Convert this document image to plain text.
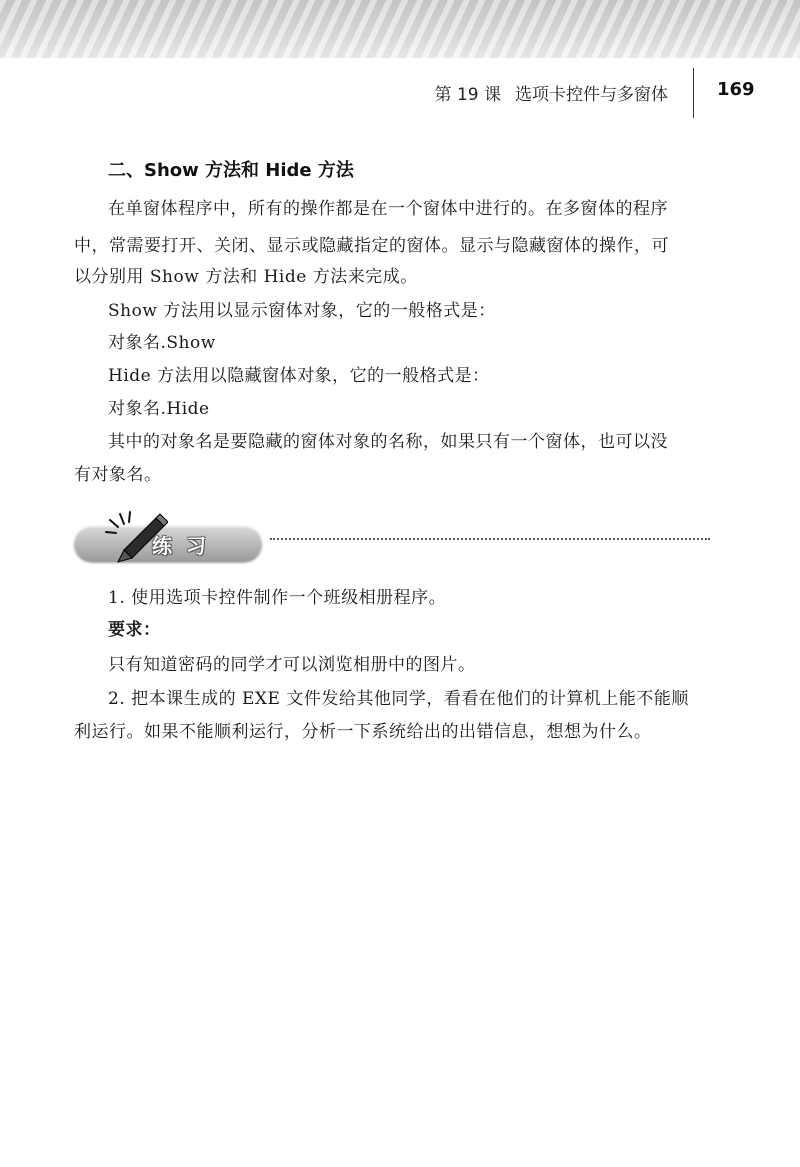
第 19 课 选项卡控件与多窗体	169
二、Show 方法和 Hide 方法
在单窗体程序中，所有的操作都是在一个窗体中进行的。在多窗体的程序
中，常需要打开、关闭、显示或隐藏指定的窗体。显示与隐藏窗体的操作，可
以分别用 Show 方法和 Hide 方法来完成。
Show 方法用以显示窗体对象，它的一般格式是：
对象名.Show
Hide 方法用以隐藏窗体对象，它的一般格式是：
对象名.Hide
其中的对象名是要隐藏的窗体对象的名称，如果只有一个窗体，也可以没
有对象名。
练习
1. 使用选项卡控件制作一个班级相册程序。
要求：
只有知道密码的同学才可以浏览相册中的图片。
2. 把本课生成的 EXE 文件发给其他同学，看看在他们的计算机上能不能顺
利运行。如果不能顺利运行，分析一下系统给出的出错信息，想想为什么。
